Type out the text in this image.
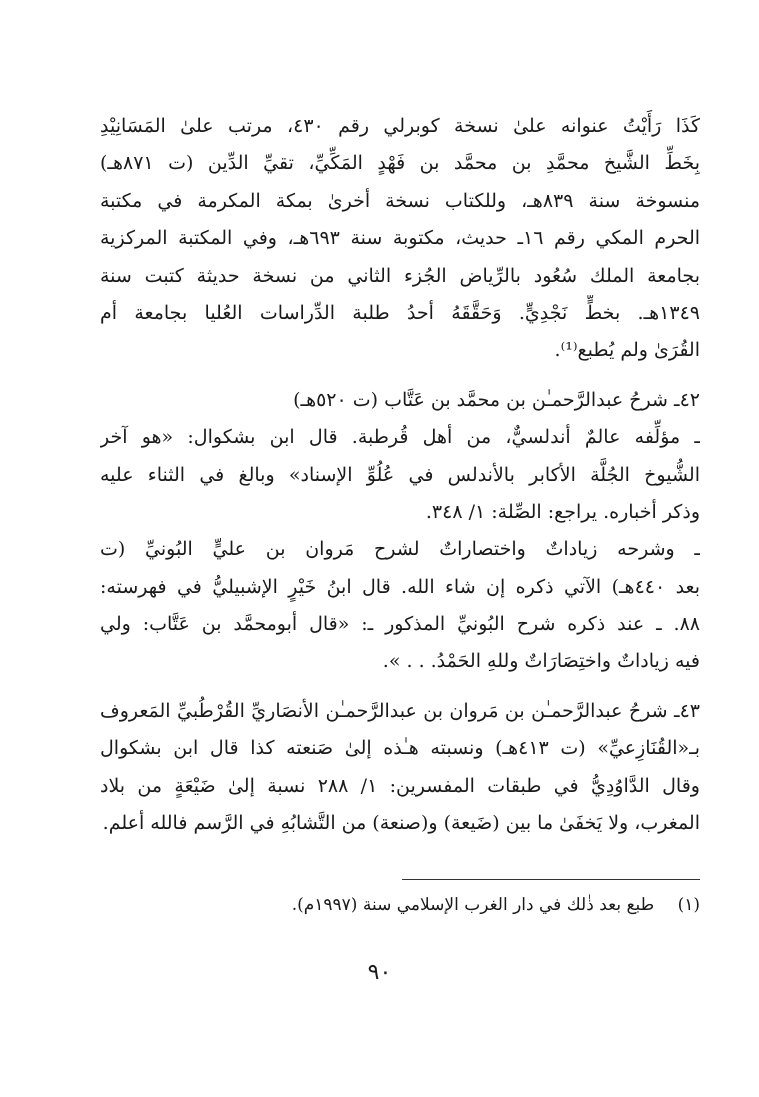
كَذَا رَأَيْتُ عنوانه علىٰ نسخة كوبرلي رقم ٤٣٠، مرتب علىٰ المَسَانِيْدِ
بِخَطِّ الشَّيخ محمَّدِ بن محمَّد بن فَهْدٍ المَكِّيِّ، تقيِّ الدِّين (ت ٨٧١هـ)
منسوخة سنة ٨٣٩هـ، وللكتاب نسخة أخرىٰ بمكة المكرمة في مكتبة
الحرم المكي رقم ١٦ـ حديث، مكتوبة سنة ٦٩٣هـ، وفي المكتبة المركزية
بجامعة الملك سُعُود بالرِّياض الجُزء الثاني من نسخة حديثة كتبت سنة
١٣٤٩هـ. بخطٍّ نَجْدِيٍّ. وَحَقَّقَهُ أحدُ طلبة الدِّراسات العُليا بجامعة أم
القُرَىٰ ولم يُطبع⁽¹⁾.
٤٢ـ شرحُ عبدالرَّحمـٰن بن محمَّد بن عَتَّاب (ت ٥٢٠هـ)
ـ مؤلِّفه عالمٌ أندلسيٌّ، من أهل قُرطبة. قال ابن بشكوال: «هو آخر
الشُّيوخ الجُلَّة الأكابر بالأندلس في عُلُوِّ الإسناد» وبالغ في الثناء عليه
وذكر أخباره. يراجع: الصِّلة: ١/ ٣٤٨.
ـ وشرحه زياداتٌ واختصاراتٌ لشرح مَروان بن عليٍّ البُونيِّ (ت
بعد ٤٤٠هـ) الآتي ذكره إن شاء الله. قال ابنُ خَيْرٍ الإشبيليُّ في فهرسته:
٨٨. ـ عند ذكره شرح البُونيِّ المذكور ـ: «قال أبومحمَّد بن عَتَّاب: ولي
فيه زياداتٌ واختِصَارَاتٌ وللهِ الحَمْدُ. . . ».
٤٣ـ شرحُ عبدالرَّحمـٰن بن مَروان بن عبدالرَّحمـٰن الأنصَاريِّ القُرْطُبيِّ المَعروف
بـ«القُنَازِعيِّ» (ت ٤١٣هـ) ونسبته هـٰذه إلىٰ صَنعته كذا قال ابن بشكوال
وقال الدَّاوُدِيُّ في طبقات المفسرين: ١/ ٢٨٨ نسبة إلىٰ ضَيْعَةٍ من بلاد
المغرب، ولا يَخفَىٰ ما بين (ضَيعة) و(صنعة) من التَّشابُهِ في الرَّسم فالله أعلم.
(١) طبع بعد ذٰلك في دار الغرب الإسلامي سنة (١٩٩٧م).
٩٠
